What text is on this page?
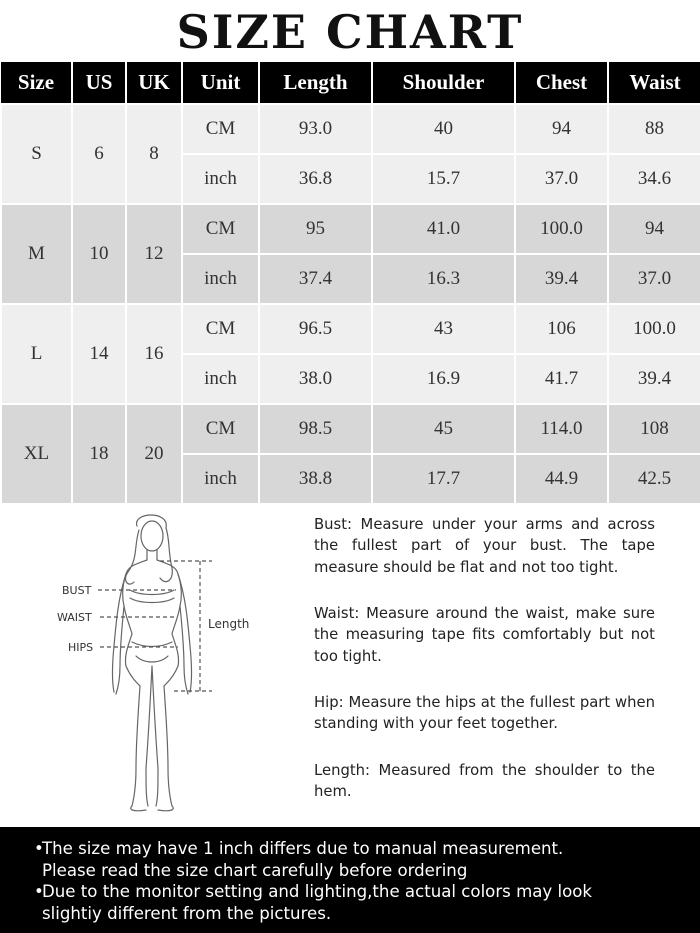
SIZE CHART
Size	US	UK	Unit	Length	Shoulder	Chest	Waist
S	6	8	CM	93.0	40	94	88
			inch	36.8	15.7	37.0	34.6
M	10	12	CM	95	41.0	100.0	94
			inch	37.4	16.3	39.4	37.0
L	14	16	CM	96.5	43	106	100.0
			inch	38.0	16.9	41.7	39.4
XL	18	20	CM	98.5	45	114.0	108
			inch	38.8	17.7	44.9	42.5
BUST
WAIST
HIPS
Length
Bust: Measure under your arms and across the fullest part of your bust. The tape measure should be flat and not too tight.
Waist: Measure around the waist, make sure the measuring tape fits comfortably but not too tight.
Hip: Measure the hips at the fullest part when standing with your feet together.
Length: Measured from the shoulder to the hem.
•
The size may have 1 inch differs due to manual measurement.
Please read the size chart carefully before ordering
•
Due to the monitor setting and lighting,the actual colors may look
slightiy different from the pictures.
